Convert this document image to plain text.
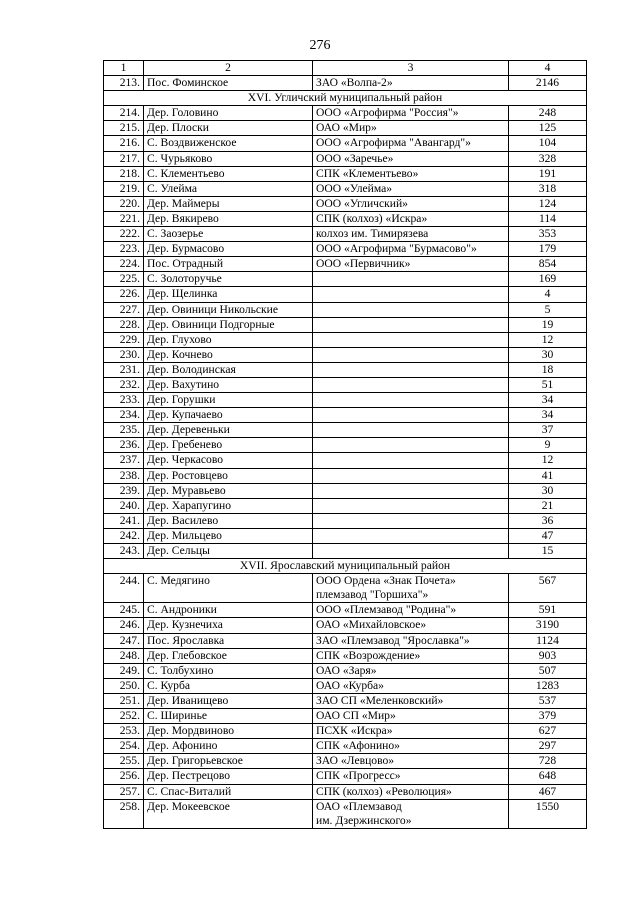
276
1	2	3	4
213.	Пос. Фоминское	ЗАО «Волпа-2»	2146
XVI. Угличский муниципальный район			
214.	Дер. Головино	ООО «Агрофирма "Россия"»	248
215.	Дер. Плоски	ОАО «Мир»	125
216.	С. Воздвиженское	ООО «Агрофирма "Авангард"»	104
217.	С. Чурьяково	ООО «Заречье»	328
218.	С. Клементьево	СПК «Клементьево»	191
219.	С. Улейма	ООО «Улейма»	318
220.	Дер. Маймеры	ООО «Угличский»	124
221.	Дер. Вякирево	СПК (колхоз) «Искра»	114
222.	С. Заозерье	колхоз им. Тимирязева	353
223.	Дер. Бурмасово	ООО «Агрофирма "Бурмасово"»	179
224.	Пос. Отрадный	ООО «Первичник»	854
225.	С. Золоторучье		169
226.	Дер. Щелинка		4
227.	Дер. Овиници Никольские		5
228.	Дер. Овиници Подгорные		19
229.	Дер. Глухово		12
230.	Дер. Кочнево		30
231.	Дер. Володинская		18
232.	Дер. Вахутино		51
233.	Дер. Горушки		34
234.	Дер. Купачаево		34
235.	Дер. Деревеньки		37
236.	Дер. Гребенево		9
237.	Дер. Черкасово		12
238.	Дер. Ростовцево		41
239.	Дер. Муравьево		30
240.	Дер. Харапугино		21
241.	Дер. Василево		36
242.	Дер. Мильцево		47
243.	Дер. Сельцы		15
XVII. Ярославский муниципальный район			
244.	С. Медягино	ООО Ордена «Знак Почета»
племзавод "Горшиха"»	567
245.	С. Андроники	ООО «Племзавод "Родина"»	591
246.	Дер. Кузнечиха	ОАО «Михайловское»	3190
247.	Пос. Ярославка	ЗАО «Племзавод "Ярославка"»	1124
248.	Дер. Глебовское	СПК «Возрождение»	903
249.	С. Толбухино	ОАО «Заря»	507
250.	С. Курба	ОАО «Курба»	1283
251.	Дер. Иванищево	ЗАО СП «Меленковский»	537
252.	С. Ширинье	ОАО СП «Мир»	379
253.	Дер. Мордвиново	ПСХК «Искра»	627
254.	Дер. Афонино	СПК «Афонино»	297
255.	Дер. Григорьевское	ЗАО «Левцово»	728
256.	Дер. Пестрецово	СПК «Прогресс»	648
257.	С. Спас-Виталий	СПК (колхоз) «Революция»	467
258.	Дер. Мокеевское	ОАО «Племзавод
им. Дзержинского»	1550
